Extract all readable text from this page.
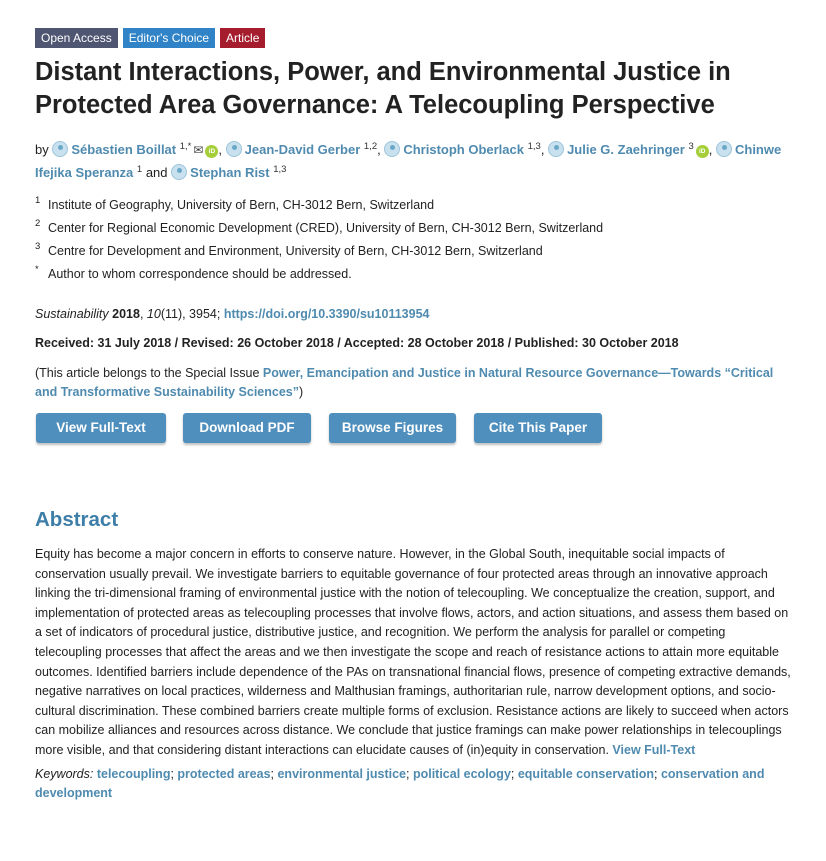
Open Access	Editor's Choice	Article
Distant Interactions, Power, and Environmental Justice in Protected Area Governance: A Telecoupling Perspective
by Sébastien Boillat $^{1,*}$ ✉ iD , Jean-David Gerber $^{1,2}$, Christoph Oberlack $^{1,3}$, Julie G. Zaehringer $^3$ iD , Chinwe Ifejika Speranza $^1$ and Stephan Rist $^{1,3}$
1 Institute of Geography, University of Bern, CH-3012 Bern, Switzerland
2 Center for Regional Economic Development (CRED), University of Bern, CH-3012 Bern, Switzerland
3 Centre for Development and Environment, University of Bern, CH-3012 Bern, Switzerland
* Author to whom correspondence should be addressed.
Sustainability 2018, 10(11), 3954; https://doi.org/10.3390/su10113954
Received: 31 July 2018 / Revised: 26 October 2018 / Accepted: 28 October 2018 / Published: 30 October 2018
(This article belongs to the Special Issue Power, Emancipation and Justice in Natural Resource Governance—Towards “Critical and Transformative Sustainability Sciences”)
View Full-Text	Download PDF	Browse Figures	Cite This Paper
Abstract
Equity has become a major concern in efforts to conserve nature. However, in the Global South, inequitable social impacts of conservation usually prevail. We investigate barriers to equitable governance of four protected areas through an innovative approach linking the tri-dimensional framing of environmental justice with the notion of telecoupling. We conceptualize the creation, support, and implementation of protected areas as telecoupling processes that involve flows, actors, and action situations, and assess them based on a set of indicators of procedural justice, distributive justice, and recognition. We perform the analysis for parallel or competing telecoupling processes that affect the areas and we then investigate the scope and reach of resistance actions to attain more equitable outcomes. Identified barriers include dependence of the PAs on transnational financial flows, presence of competing extractive demands, negative narratives on local practices, wilderness and Malthusian framings, authoritarian rule, narrow development options, and socio-cultural discrimination. These combined barriers create multiple forms of exclusion. Resistance actions are likely to succeed when actors can mobilize alliances and resources across distance. We conclude that justice framings can make power relationships in telecouplings more visible, and that considering distant interactions can elucidate causes of (in)equity in conservation. View Full-Text
Keywords: telecoupling; protected areas; environmental justice; political ecology; equitable conservation; conservation and development
